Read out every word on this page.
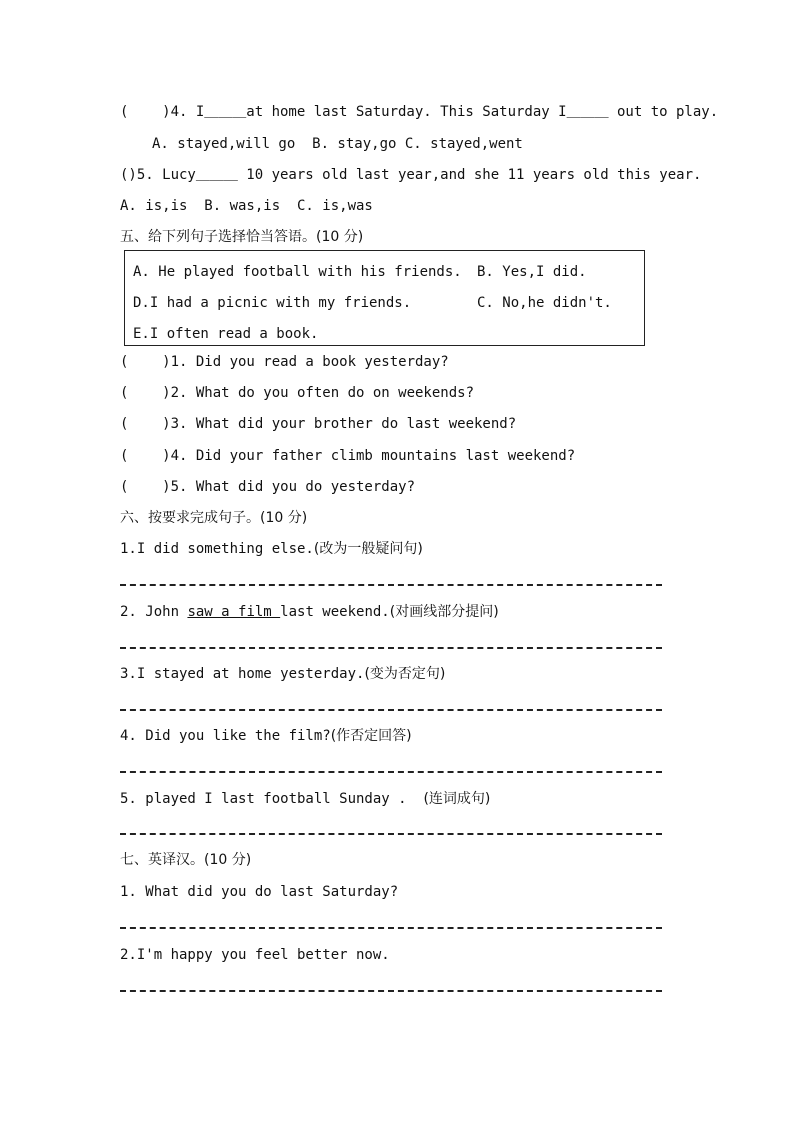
(    )4. I＿＿＿at home last Saturday. This Saturday I＿＿＿ out to play.
A. stayed,will go  B. stay,go C. stayed,went
()5. Lucy＿＿＿ 10 years old last year,and she 11 years old this year.
A. is,is  B. was,is  C. is,was
五、给下列句子选择恰当答语。(10 分)
A. He played football with his friends. B. Yes,I did.
D.I had a picnic with my friends.	C. No,he didn't.
E.I often read a book.
(    )1. Did you read a book yesterday?
(    )2. What do you often do on weekends?
(    )3. What did your brother do last weekend?
(    )4. Did your father climb mountains last weekend?
(    )5. What did you do yesterday?
六、按要求完成句子。(10 分)
1.I did something else.(改为一般疑问句)
2. John saw a film last weekend.(对画线部分提问)
3.I stayed at home yesterday.(变为否定句)
4. Did you like the film?(作否定回答)
5. played I last football Sunday .  (连词成句)
七、英译汉。(10 分)
1. What did you do last Saturday?
2.I'm happy you feel better now.
